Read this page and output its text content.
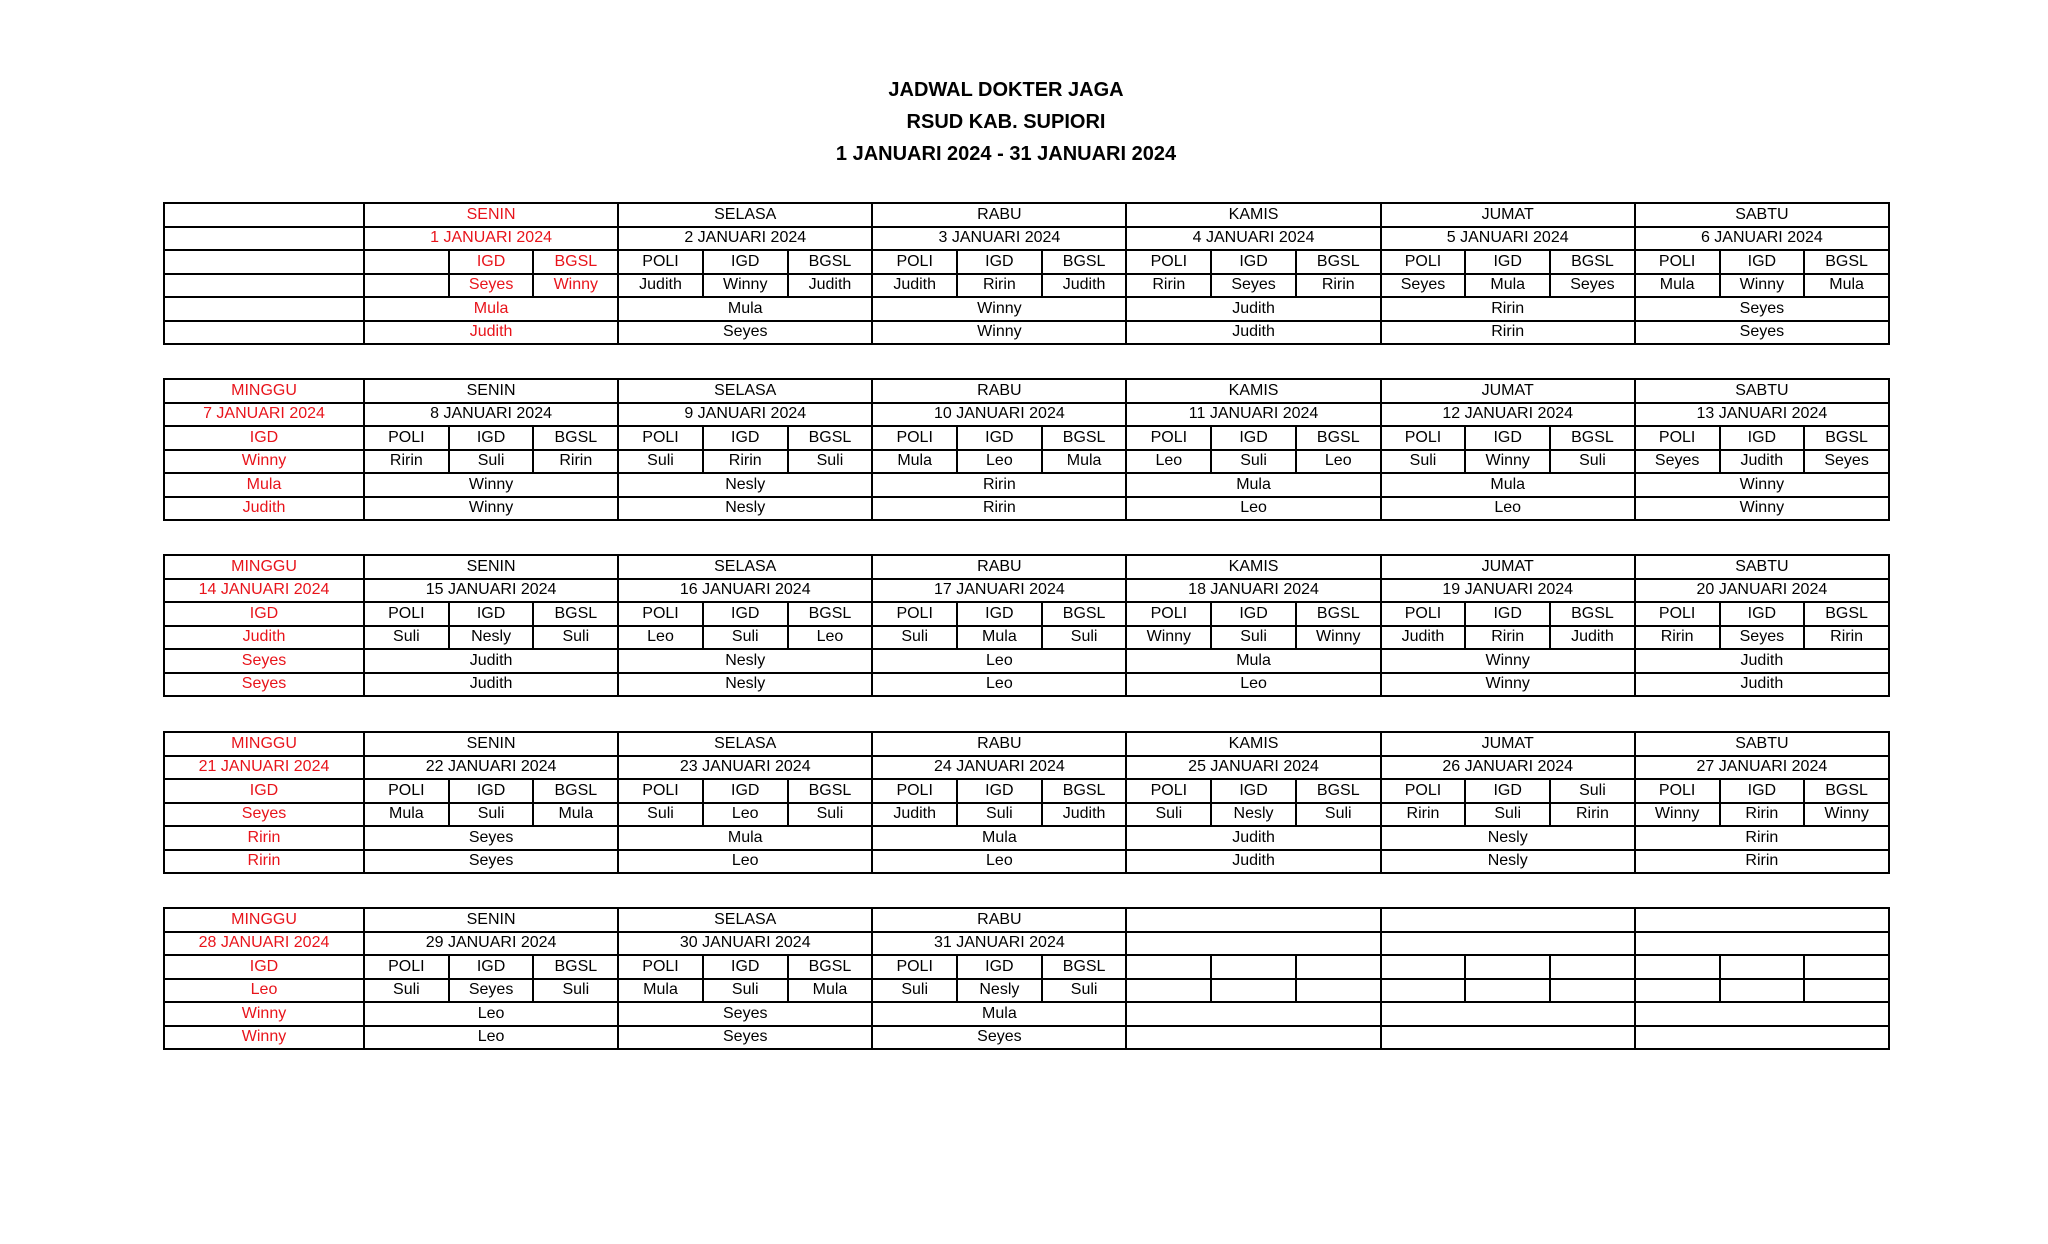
JADWAL DOKTER JAGA
RSUD KAB. SUPIORI
1 JANUARI 2024 - 31 JANUARI 2024
	SENIN			SELASA			RABU			KAMIS			JUMAT			SABTU		
	1 JANUARI 2024			2 JANUARI 2024			3 JANUARI 2024			4 JANUARI 2024			5 JANUARI 2024			6 JANUARI 2024		
		IGD	BGSL	POLI	IGD	BGSL	POLI	IGD	BGSL	POLI	IGD	BGSL	POLI	IGD	BGSL	POLI	IGD	BGSL
		Seyes	Winny	Judith	Winny	Judith	Judith	Ririn	Judith	Ririn	Seyes	Ririn	Seyes	Mula	Seyes	Mula	Winny	Mula
	Mula			Mula			Winny			Judith			Ririn			Seyes		
	Judith			Seyes			Winny			Judith			Ririn			Seyes		
MINGGU	SENIN			SELASA			RABU			KAMIS			JUMAT			SABTU		
7 JANUARI 2024	8 JANUARI 2024			9 JANUARI 2024			10 JANUARI 2024			11 JANUARI 2024			12 JANUARI 2024			13 JANUARI 2024		
IGD	POLI	IGD	BGSL	POLI	IGD	BGSL	POLI	IGD	BGSL	POLI	IGD	BGSL	POLI	IGD	BGSL	POLI	IGD	BGSL
Winny	Ririn	Suli	Ririn	Suli	Ririn	Suli	Mula	Leo	Mula	Leo	Suli	Leo	Suli	Winny	Suli	Seyes	Judith	Seyes
Mula	Winny			Nesly			Ririn			Mula			Mula			Winny		
Judith	Winny			Nesly			Ririn			Leo			Leo			Winny		
MINGGU	SENIN			SELASA			RABU			KAMIS			JUMAT			SABTU		
14 JANUARI 2024	15 JANUARI 2024			16 JANUARI 2024			17 JANUARI 2024			18 JANUARI 2024			19 JANUARI 2024			20 JANUARI 2024		
IGD	POLI	IGD	BGSL	POLI	IGD	BGSL	POLI	IGD	BGSL	POLI	IGD	BGSL	POLI	IGD	BGSL	POLI	IGD	BGSL
Judith	Suli	Nesly	Suli	Leo	Suli	Leo	Suli	Mula	Suli	Winny	Suli	Winny	Judith	Ririn	Judith	Ririn	Seyes	Ririn
Seyes	Judith			Nesly			Leo			Mula			Winny			Judith		
Seyes	Judith			Nesly			Leo			Leo			Winny			Judith		
MINGGU	SENIN			SELASA			RABU			KAMIS			JUMAT			SABTU		
21 JANUARI 2024	22 JANUARI 2024			23 JANUARI 2024			24 JANUARI 2024			25 JANUARI 2024			26 JANUARI 2024			27 JANUARI 2024		
IGD	POLI	IGD	BGSL	POLI	IGD	BGSL	POLI	IGD	BGSL	POLI	IGD	BGSL	POLI	IGD	Suli	POLI	IGD	BGSL
Seyes	Mula	Suli	Mula	Suli	Leo	Suli	Judith	Suli	Judith	Suli	Nesly	Suli	Ririn	Suli	Ririn	Winny	Ririn	Winny
Ririn	Seyes			Mula			Mula			Judith			Nesly			Ririn		
Ririn	Seyes			Leo			Leo			Judith			Nesly			Ririn		
MINGGU	SENIN			SELASA			RABU											
28 JANUARI 2024	29 JANUARI 2024			30 JANUARI 2024			31 JANUARI 2024											
IGD	POLI	IGD	BGSL	POLI	IGD	BGSL	POLI	IGD	BGSL									
Leo	Suli	Seyes	Suli	Mula	Suli	Mula	Suli	Nesly	Suli									
Winny	Leo			Seyes			Mula											
Winny	Leo			Seyes			Seyes											
